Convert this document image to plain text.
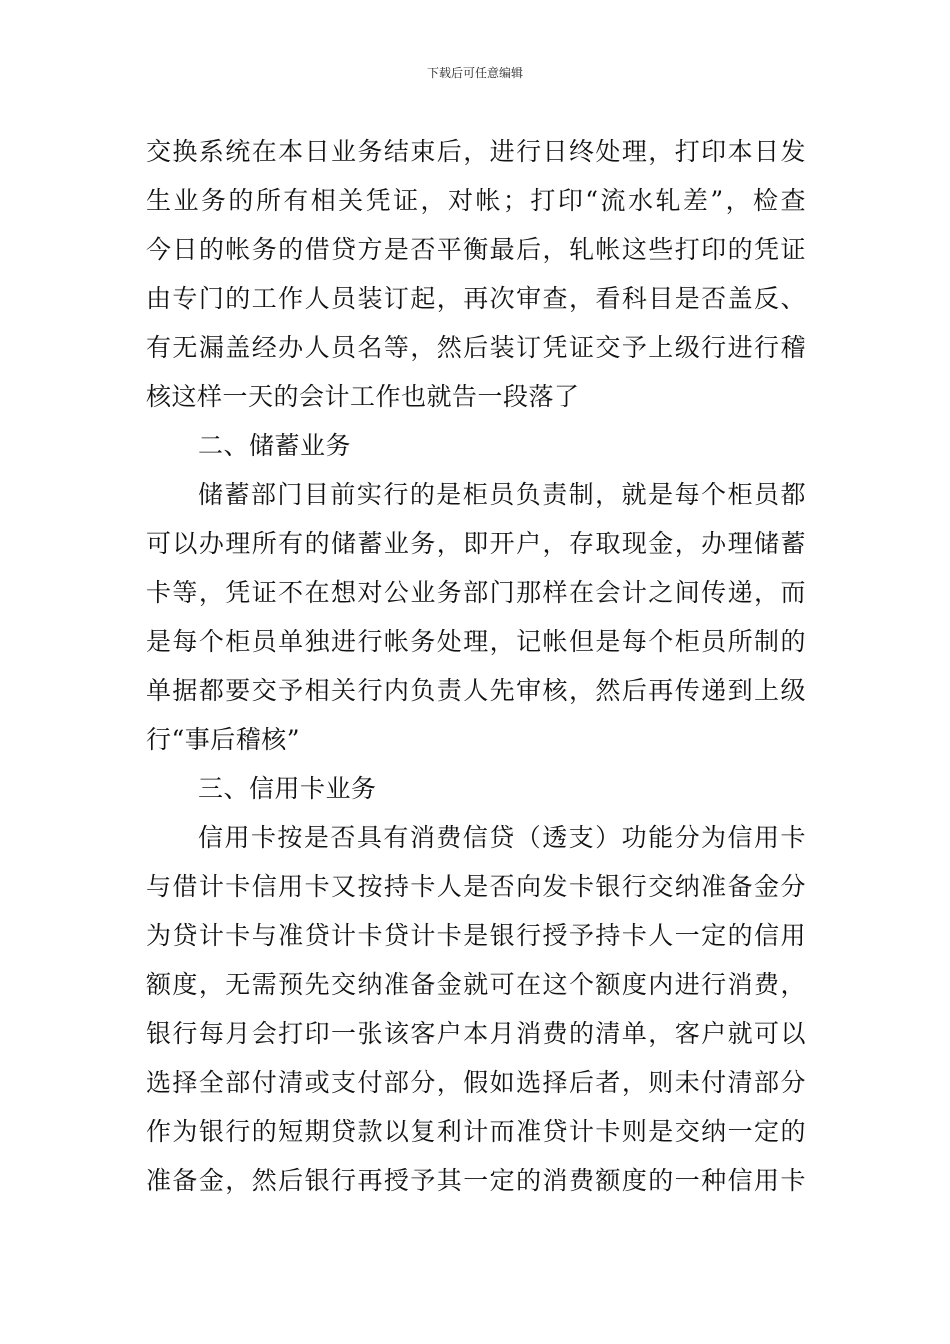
下载后可任意编辑
交换系统在本日业务结束后，进行日终处理，打印本日发
生业务的所有相关凭证，对帐；打印“流水轧差”，检查
今日的帐务的借贷方是否平衡最后，轧帐这些打印的凭证
由专门的工作人员装订起，再次审查，看科目是否盖反、
有无漏盖经办人员名等，然后装订凭证交予上级行进行稽
核这样一天的会计工作也就告一段落了
二、储蓄业务
储蓄部门目前实行的是柜员负责制，就是每个柜员都
可以办理所有的储蓄业务，即开户，存取现金，办理储蓄
卡等，凭证不在想对公业务部门那样在会计之间传递，而
是每个柜员单独进行帐务处理，记帐但是每个柜员所制的
单据都要交予相关行内负责人先审核，然后再传递到上级
行“事后稽核”
三、信用卡业务
信用卡按是否具有消费信贷（透支）功能分为信用卡
与借计卡信用卡又按持卡人是否向发卡银行交纳准备金分
为贷计卡与准贷计卡贷计卡是银行授予持卡人一定的信用
额度，无需预先交纳准备金就可在这个额度内进行消费，
银行每月会打印一张该客户本月消费的清单，客户就可以
选择全部付清或支付部分，假如选择后者，则未付清部分
作为银行的短期贷款以复利计而准贷计卡则是交纳一定的
准备金，然后银行再授予其一定的消费额度的一种信用卡
